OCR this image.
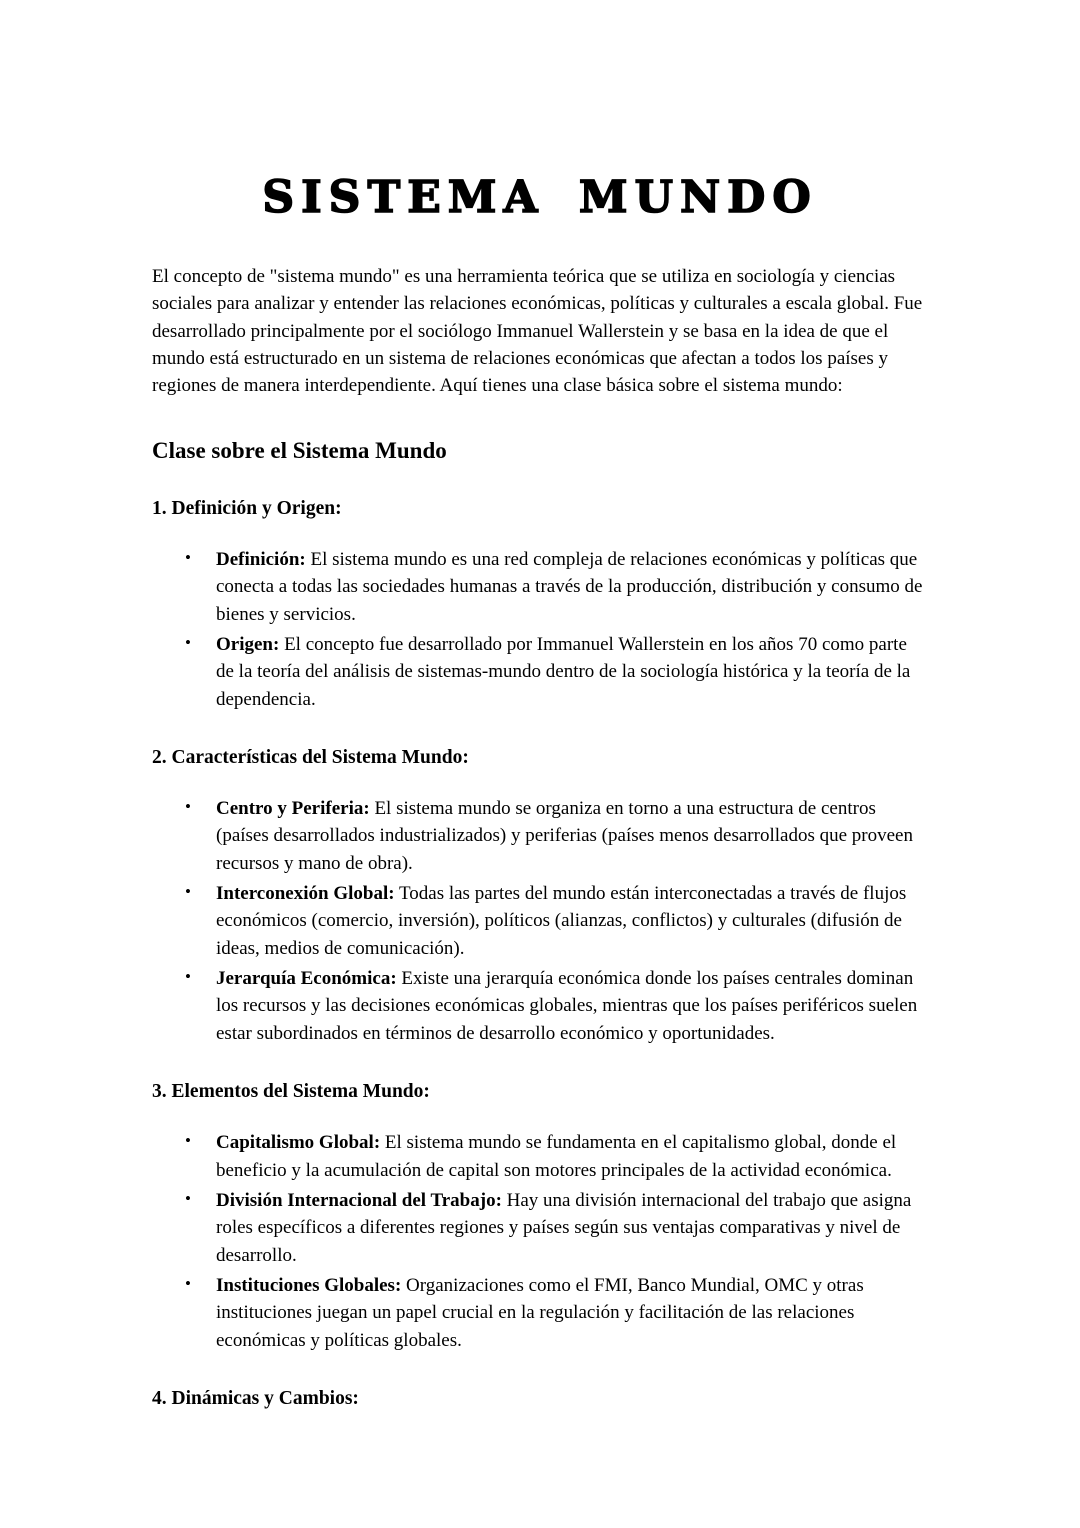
SISTEMA MUNDO

El concepto de "sistema mundo" es una herramienta teórica que se utiliza en sociología y ciencias sociales para analizar y entender las relaciones económicas, políticas y culturales a escala global. Fue desarrollado principalmente por el sociólogo Immanuel Wallerstein y se basa en la idea de que el mundo está estructurado en un sistema de relaciones económicas que afectan a todos los países y regiones de manera interdependiente. Aquí tienes una clase básica sobre el sistema mundo:

Clase sobre el Sistema Mundo
1. Definición y Origen:
• Definición: El sistema mundo es una red compleja de relaciones económicas y políticas que conecta a todas las sociedades humanas a través de la producción, distribución y consumo de bienes y servicios.
• Origen: El concepto fue desarrollado por Immanuel Wallerstein en los años 70 como parte de la teoría del análisis de sistemas-mundo dentro de la sociología histórica y la teoría de la dependencia.
2. Características del Sistema Mundo:
• Centro y Periferia: El sistema mundo se organiza en torno a una estructura de centros (países desarrollados industrializados) y periferias (países menos desarrollados que proveen recursos y mano de obra).
• Interconexión Global: Todas las partes del mundo están interconectadas a través de flujos económicos (comercio, inversión), políticos (alianzas, conflictos) y culturales (difusión de ideas, medios de comunicación).
• Jerarquía Económica: Existe una jerarquía económica donde los países centrales dominan los recursos y las decisiones económicas globales, mientras que los países periféricos suelen estar subordinados en términos de desarrollo económico y oportunidades.
3. Elementos del Sistema Mundo:
• Capitalismo Global: El sistema mundo se fundamenta en el capitalismo global, donde el beneficio y la acumulación de capital son motores principales de la actividad económica.
• División Internacional del Trabajo: Hay una división internacional del trabajo que asigna roles específicos a diferentes regiones y países según sus ventajas comparativas y nivel de desarrollo.
• Instituciones Globales: Organizaciones como el FMI, Banco Mundial, OMC y otras instituciones juegan un papel crucial en la regulación y facilitación de las relaciones económicas y políticas globales.
4. Dinámicas y Cambios:
